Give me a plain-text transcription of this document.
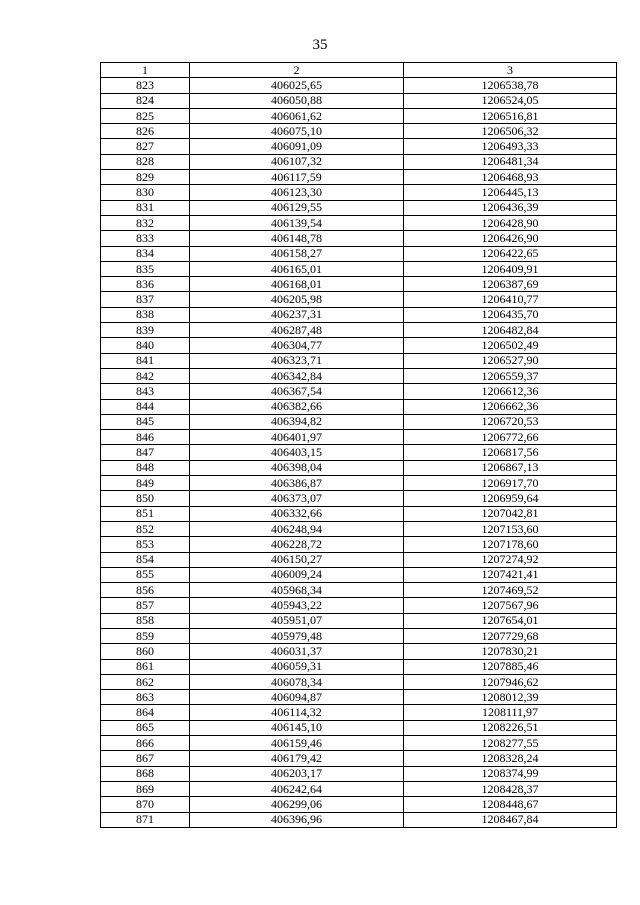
35
1	2	3
823	406025,65	1206538,78
824	406050,88	1206524,05
825	406061,62	1206516,81
826	406075,10	1206506,32
827	406091,09	1206493,33
828	406107,32	1206481,34
829	406117,59	1206468,93
830	406123,30	1206445,13
831	406129,55	1206436,39
832	406139,54	1206428,90
833	406148,78	1206426,90
834	406158,27	1206422,65
835	406165,01	1206409,91
836	406168,01	1206387,69
837	406205,98	1206410,77
838	406237,31	1206435,70
839	406287,48	1206482,84
840	406304,77	1206502,49
841	406323,71	1206527,90
842	406342,84	1206559,37
843	406367,54	1206612,36
844	406382,66	1206662,36
845	406394,82	1206720,53
846	406401,97	1206772,66
847	406403,15	1206817,56
848	406398,04	1206867,13
849	406386,87	1206917,70
850	406373,07	1206959,64
851	406332,66	1207042,81
852	406248,94	1207153,60
853	406228,72	1207178,60
854	406150,27	1207274,92
855	406009,24	1207421,41
856	405968,34	1207469,52
857	405943,22	1207567,96
858	405951,07	1207654,01
859	405979,48	1207729,68
860	406031,37	1207830,21
861	406059,31	1207885,46
862	406078,34	1207946,62
863	406094,87	1208012,39
864	406114,32	1208111,97
865	406145,10	1208226,51
866	406159,46	1208277,55
867	406179,42	1208328,24
868	406203,17	1208374,99
869	406242,64	1208428,37
870	406299,06	1208448,67
871	406396,96	1208467,84
